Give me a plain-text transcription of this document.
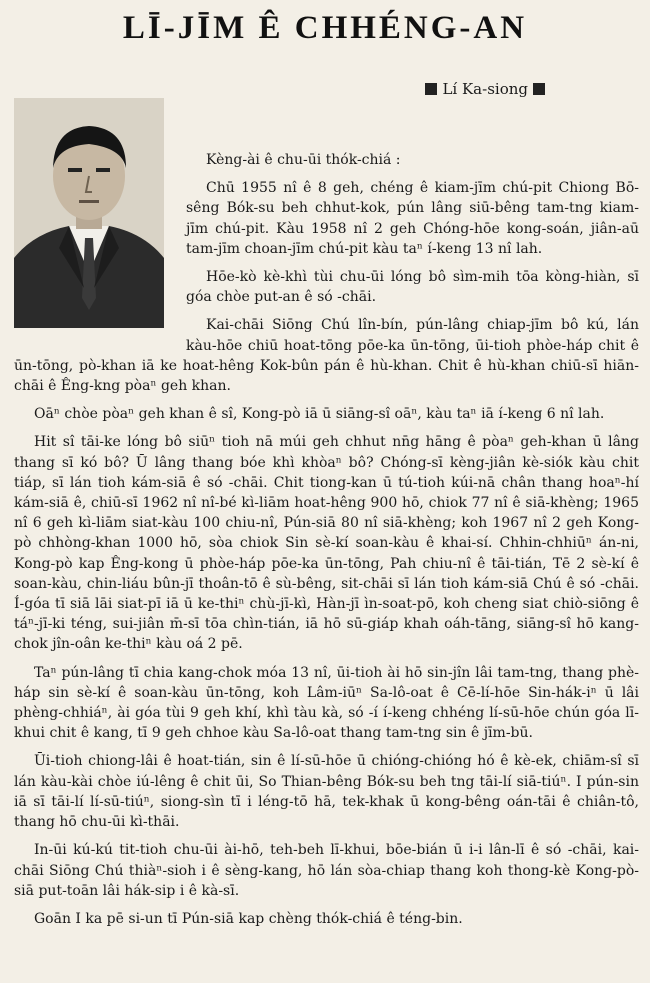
LĪ-JĪM Ê CHHÉNG-AN
Lí Ka-siong

Kèng-ài ê chu-ūi thók-chiá :

Chū 1955 nî ê 8 geh, chéng ê kiam-jīm chú-pit Chiong Bō-sêng Bók-su beh chhut-kok, pún lâng siū-bêng tam-tng kiam-jīm chú-pit. Kàu 1958 nî 2 geh Chóng-hōe kong-soán, jiân-aū tam-jīm chοan-jīm chú-pit kàu taⁿ í-keng 13 nî lah.

Hōe-kò kè-khì tùi chu-ūi lóng bô sìm-mih tōa kòng-hiàn, sī góa chòe put-an ê só -chāi.

Kai-chāi Siōng Chú lîn-bín, pún-lâng chiap-jīm bô kú, lán kàu-hōe chiū hoat-tōng pōe-ka ūn-tōng, ūi-tioh phòe-háp chit ê ūn-tōng, pò-khan iā ke hoat-hêng Kok-bûn pán ê hù-khan. Chit ê hù-khan chiū-sī hiān-chāi ê Êng-kng pòaⁿ geh khan.

Oāⁿ chòe pòaⁿ geh khan ê sî, Kong-pò iā ū siāng-sî oāⁿ, kàu taⁿ iā í-keng 6 nî lah.

Hit sî tāi-ke lóng bô siūⁿ tioh nā múi geh chhut nn̄g hāng ê pòaⁿ geh-khan ū lâng thang sī kó bô? Ū lâng thang bóe khì khòaⁿ bô? Chóng-sī kèng-jiân kè-siók kàu chit tiáp, sī lán tioh kám-siā ê só -chāi. Chit tiong-kan ū tú-tioh kúi-nā chân thang hoaⁿ-hí kám-siā ê, chiū-sī 1962 nî nî-bé kì-liām hoat-hêng 900 hō, chiok 77 nî ê siā-khèng; 1965 nî 6 geh kì-liām siat-kàu 100 chiu-nî, Pún-siā 80 nî siā-khèng; koh 1967 nî 2 geh Kong-pò chhòng-khan 1000 hō, sòa chiok Sin sè-kí soan-kàu ê khai-sí. Chhin-chhiūⁿ án-ni, Kong-pò kap Êng-kong ū phòe-háp pōe-ka ūn-tōng, Pah chiu-nî ê tāi-tián, Tē 2 sè-kí ê soan-kàu, chin-liáu bûn-jī thoân-tō ê sù-bêng, sit-chāi sī lán tioh kám-siā Chú ê só -chāi. Í-góa tī siā lāi siat-pī iā ū ke-thiⁿ chù-jī-kì, Hàn-jī ìn-soat-pō, koh cheng siat chiò-siōng ê táⁿ-jī-ki téng, sui-jiân m̄-sī tōa chìn-tián, iā hō sū-giáp khah oáh-tāng, siāng-sî hō kang-chok jîn-oân ke-thiⁿ kàu oá 2 pē.

Taⁿ pún-lâng tī chia kang-chok móa 13 nî, ūi-tioh ài hō sin-jîn lâi tam-tng, thang phè-háp sin sè-kí ê soan-kàu ūn-tōng, koh Lâm-iūⁿ Sa-lô-oat ê Cē-lí-hōe Sin-hák-iⁿ ū lâi phèng-chhiáⁿ, ài góa tùi 9 geh khí, khì tàu kà, só -í í-keng chhéng lí-sū-hōe chún góa lī-khui chit ê kang, tī 9 geh chhoe kàu Sa-lô-oat thang tam-tng sin ê jīm-bū.

Ūi-tioh chiong-lâi ê hoat-tián, sin ê lí-sū-hōe ū chióng-chióng hó ê kè-ek, chiām-sî sī lán kàu-kài chòe iú-lêng ê chit ūi, So Thian-bêng Bók-su beh tng tāi-lí siā-tiúⁿ. I pún-sin iā sī tāi-lí lí-sū-tiúⁿ, siong-sìn tī i léng-tō hā, tek-khak ū kong-bêng oán-tāi ê chiân-tô, thang hō chu-ūi kì-thāi.

In-ūi kú-kú tit-tioh chu-ūi ài-hō, teh-beh lī-khui, bōe-bián ū i-i lân-lī ê só -chāi, kai-chāi Siōng Chú thiàⁿ-sioh i ê sèng-kang, hō lán sòa-chiap thang koh thong-kè Kong-pò-siā put-toān lâi hák-sip i ê kà-sī.

Goān I ka pē si-un tī Pún-siā kap chèng thók-chiá ê téng-bin.
